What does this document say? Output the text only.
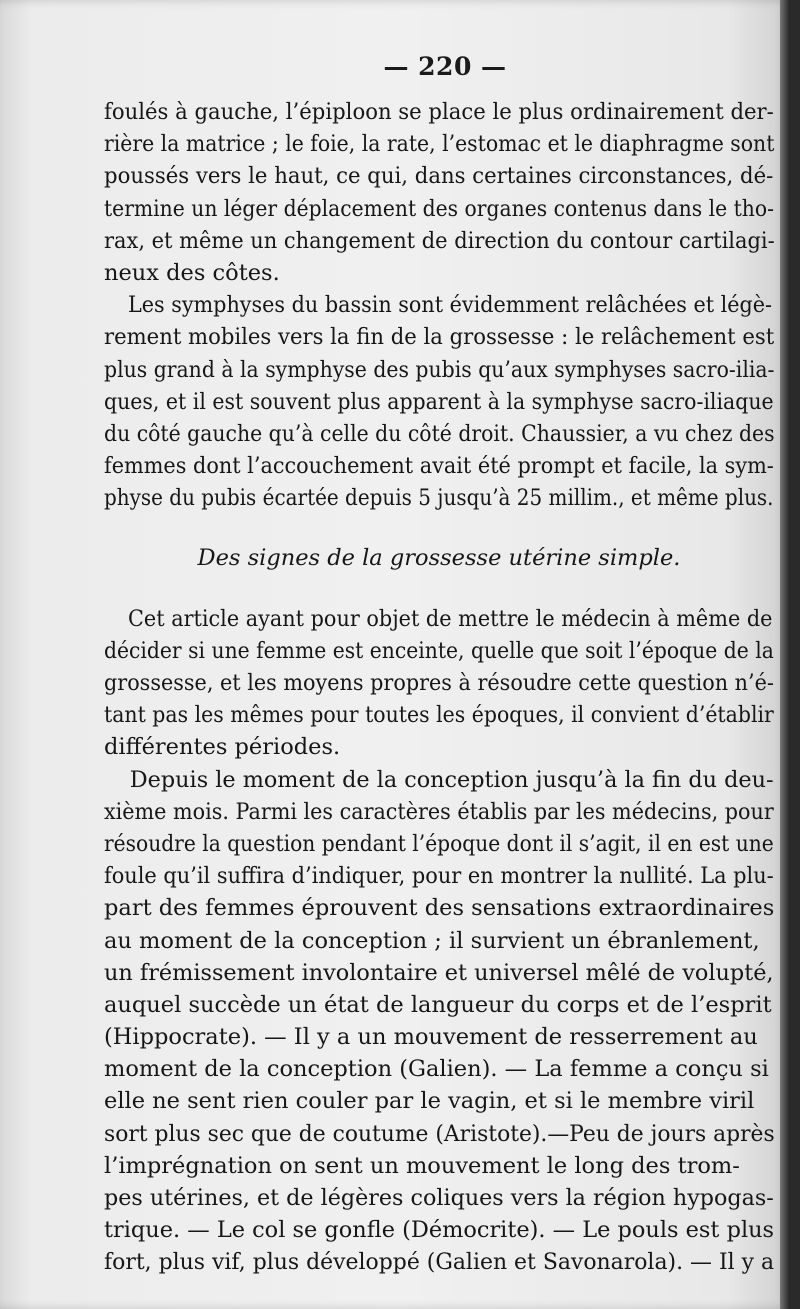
— 220 —
foulés à gauche, l’épiploon se place le plus ordinairement der-
rière la matrice ; le foie, la rate, l’estomac et le diaphragme sont
poussés vers le haut, ce qui, dans certaines circonstances, dé-
termine un léger déplacement des organes contenus dans le tho-
rax, et même un changement de direction du contour cartilagi-
neux des côtes.
Les symphyses du bassin sont évidemment relâchées et légè-
rement mobiles vers la fin de la grossesse : le relâchement est
plus grand à la symphyse des pubis qu’aux symphyses sacro-ilia-
ques, et il est souvent plus apparent à la symphyse sacro-iliaque
du côté gauche qu’à celle du côté droit. Chaussier, a vu chez des
femmes dont l’accouchement avait été prompt et facile, la sym-
physe du pubis écartée depuis 5 jusqu’à 25 millim., et même plus.
Des signes de la grossesse utérine simple.
Cet article ayant pour objet de mettre le médecin à même de
décider si une femme est enceinte, quelle que soit l’époque de la
grossesse, et les moyens propres à résoudre cette question n’é-
tant pas les mêmes pour toutes les époques, il convient d’établir
différentes périodes.
Depuis le moment de la conception jusqu’à la fin du deu-
xième mois. Parmi les caractères établis par les médecins, pour
résoudre la question pendant l’époque dont il s’agit, il en est une
foule qu’il suffira d’indiquer, pour en montrer la nullité. La plu-
part des femmes éprouvent des sensations extraordinaires
au moment de la conception ; il survient un ébranlement,
un frémissement involontaire et universel mêlé de volupté,
auquel succède un état de langueur du corps et de l’esprit
(Hippocrate). — Il y a un mouvement de resserrement au
moment de la conception (Galien). — La femme a conçu si
elle ne sent rien couler par le vagin, et si le membre viril
sort plus sec que de coutume (Aristote).—Peu de jours après
l’imprégnation on sent un mouvement le long des trom-
pes utérines, et de légères coliques vers la région hypogas-
trique. — Le col se gonfle (Démocrite). — Le pouls est plus
fort, plus vif, plus développé (Galien et Savonarola). — Il y a
